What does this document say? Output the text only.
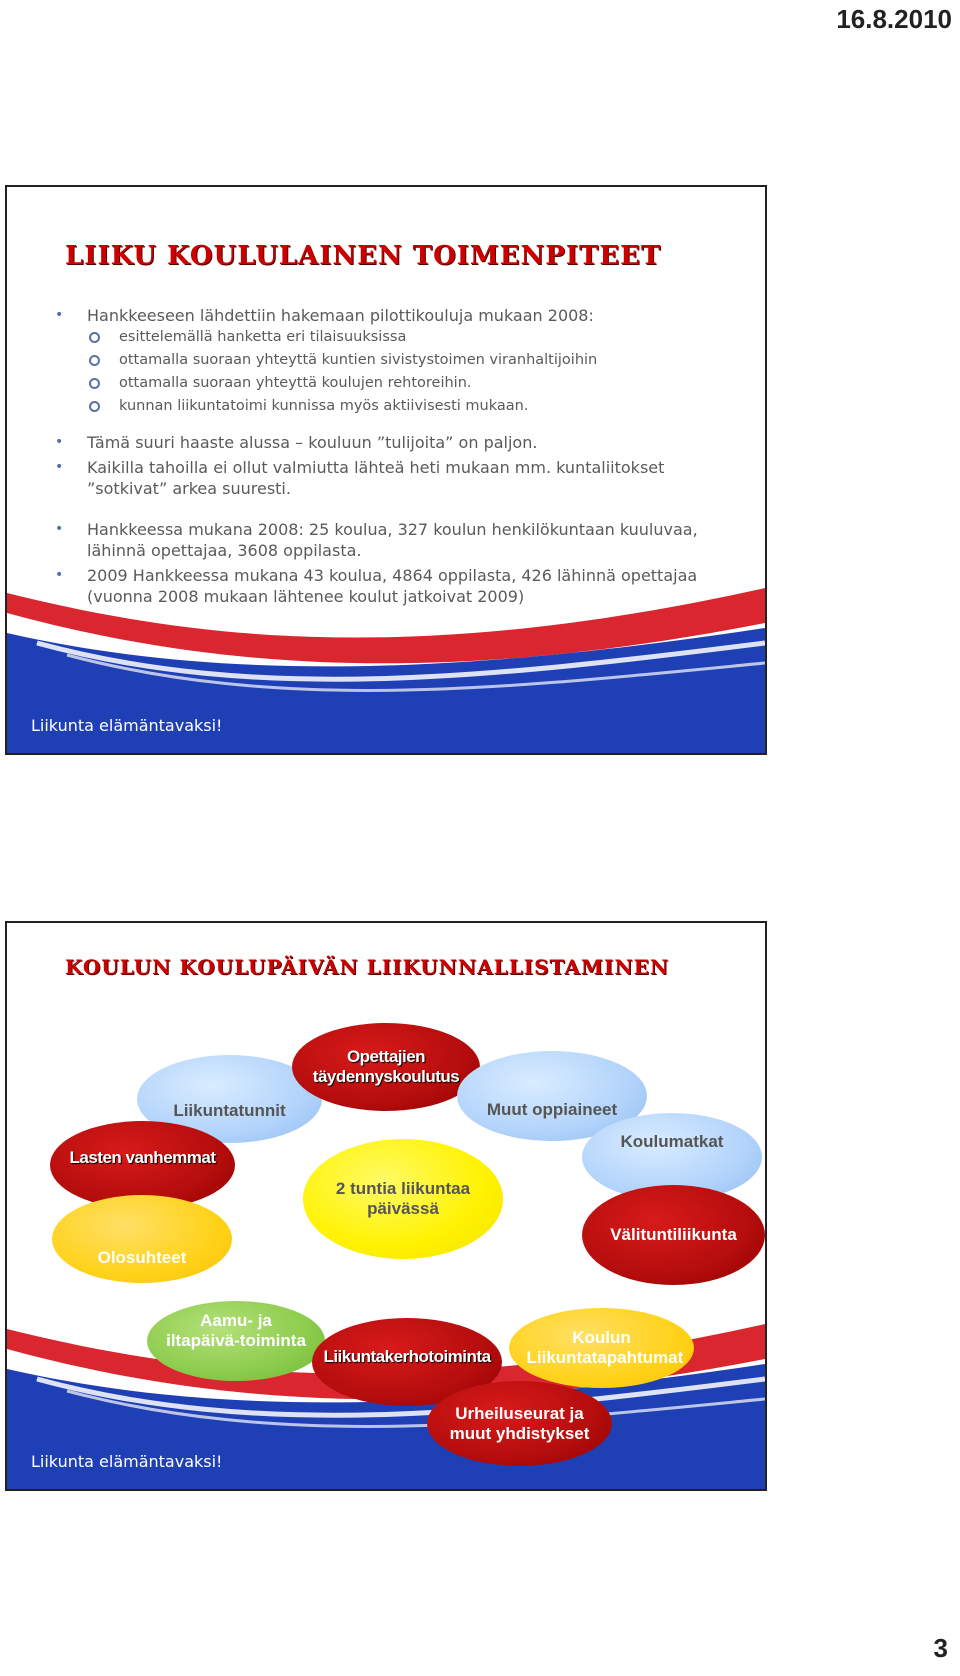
16.8.2010
LIIKU KOULULAINEN TOIMENPITEET
• Hankkeeseen lähdettiin hakemaan pilottikouluja mukaan 2008:
esittelemällä hanketta eri tilaisuuksissa
ottamalla suoraan yhteyttä kuntien sivistystoimen viranhaltijoihin
ottamalla suoraan yhteyttä koulujen rehtoreihin.
kunnan liikuntatoimi kunnissa myös aktiivisesti mukaan.
• Tämä suuri haaste alussa – kouluun ”tulijoita” on paljon.
• Kaikilla tahoilla ei ollut valmiutta lähteä heti mukaan mm. kuntaliitokset ”sotkivat” arkea suuresti.
• Hankkeessa mukana 2008: 25 koulua, 327 koulun henkilökuntaan kuuluvaa, lähinnä opettajaa, 3608 oppilasta.
• 2009 Hankkeessa mukana 43 koulua, 4864 oppilasta, 426 lähinnä opettajaa (vuonna 2008 mukaan lähtenee koulut jatkoivat 2009)
Liikunta elämäntavaksi!
Liikunta elämäntavaksi!
KOULUN KOULUPÄIVÄN LIIKUNNALLISTAMINEN
Liikuntatunnit
Opettajien täydennyskoulutus
Muut oppiaineet
Lasten vanhemmat
Koulumatkat
2 tuntia liikuntaa päivässä
Olosuhteet
Välituntiliikunta
Aamu- ja iltapäivä-toiminta
Liikuntakerhotoiminta
Koulun Liikuntatapahtumat
Urheiluseurat ja muut yhdistykset
3
